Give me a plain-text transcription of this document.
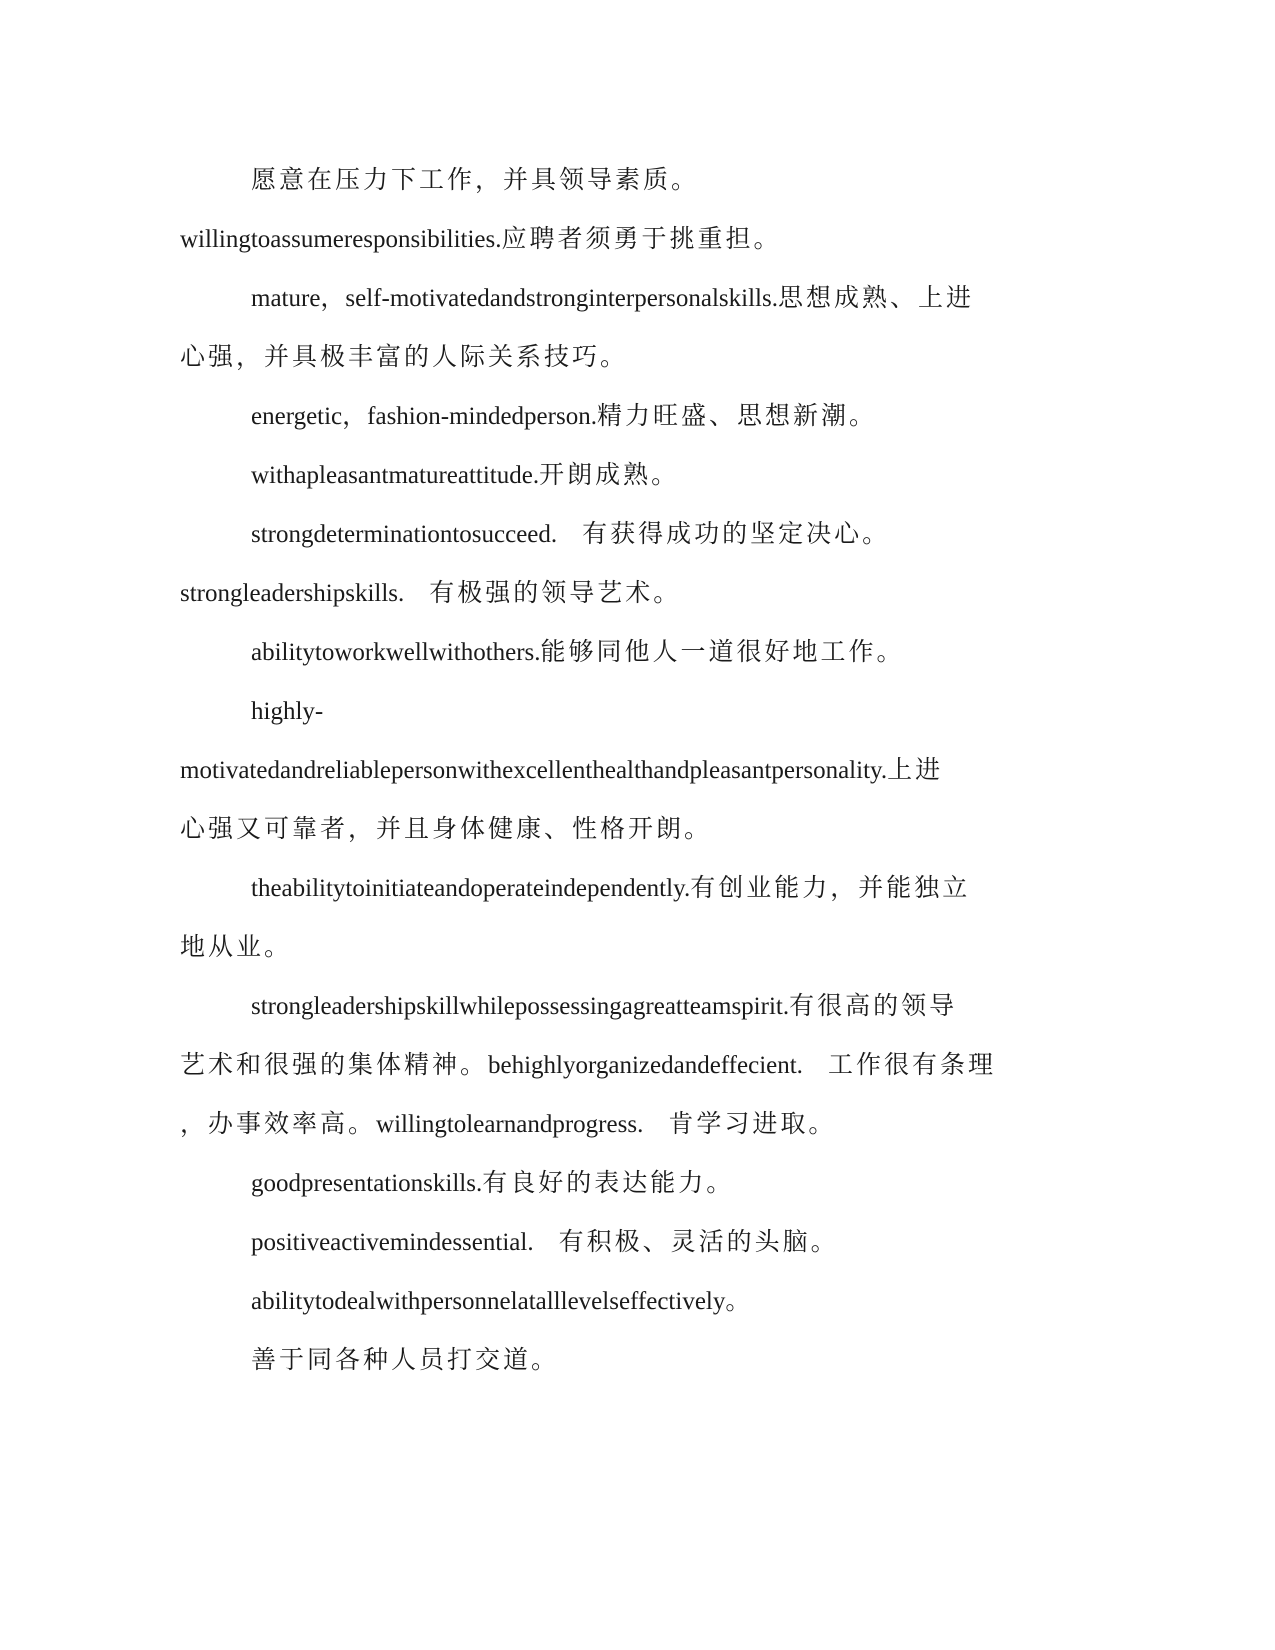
愿意在压力下工作，并具领导素质。
willingtoassumeresponsibilities.应聘者须勇于挑重担。
mature，self-motivatedandstronginterpersonalskills.思想成熟、上进
心强，并具极丰富的人际关系技巧。
energetic，fashion-mindedperson.精力旺盛、思想新潮。
withapleasantmatureattitude.开朗成熟。
strongdeterminationtosucceed.  有获得成功的坚定决心。
strongleadershipskills.  有极强的领导艺术。
abilitytoworkwellwithothers.能够同他人一道很好地工作。
highly-
motivatedandreliablepersonwithexcellenthealthandpleasantpersonality.上进
心强又可靠者，并且身体健康、性格开朗。
theabilitytoinitiateandoperateindependently.有创业能力，并能独立
地从业。
strongleadershipskillwhilepossessingagreatteamspirit.有很高的领导
艺术和很强的集体精神。behighlyorganizedandeffecient.  工作很有条理
，办事效率高。willingtolearnandprogress.  肯学习进取。
goodpresentationskills.有良好的表达能力。
positiveactivemindessential.  有积极、灵活的头脑。
abilitytodealwithpersonnelatalllevelseffectively。
善于同各种人员打交道。
